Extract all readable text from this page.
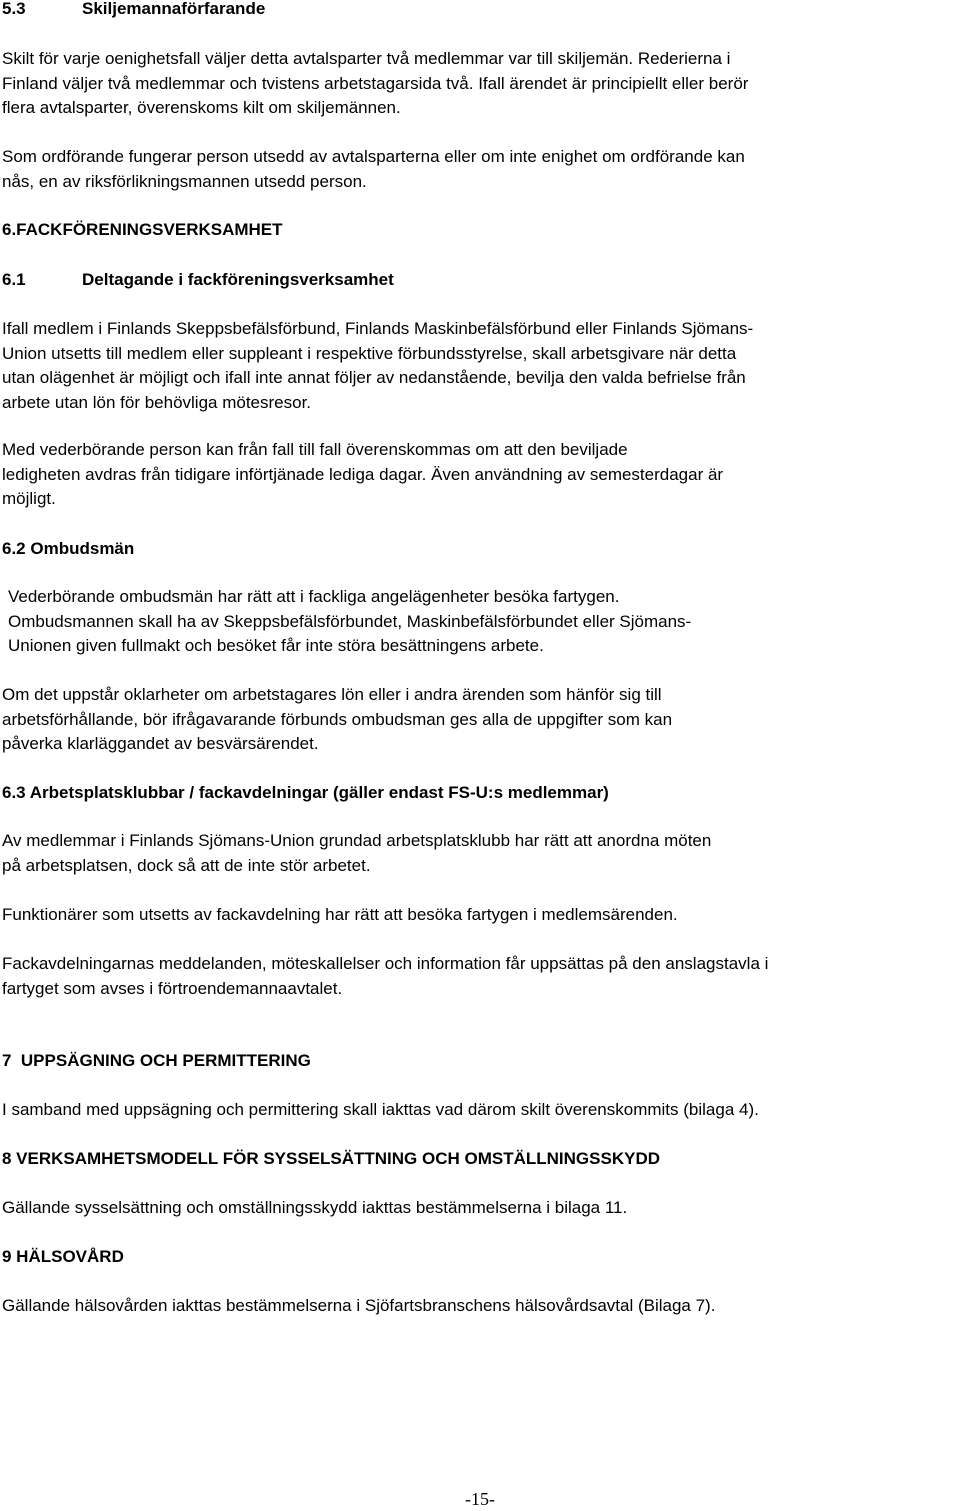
5.3	Skiljemannaförfarande

Skilt för varje oenighetsfall väljer detta avtalsparter två medlemmar var till skiljemän. Rederierna i

Finland väljer två medlemmar och tvistens arbetstagarsida två. Ifall ärendet är principiellt eller berör

flera avtalsparter, överenskoms kilt om skiljemännen.

Som ordförande fungerar person utsedd av avtalsparterna eller om inte enighet om ordförande kan

nås, en av riksförlikningsmannen utsedd person.

6.FACKFÖRENINGSVERKSAMHET

6.1	Deltagande i fackföreningsverksamhet

Ifall medlem i Finlands Skeppsbefälsförbund, Finlands Maskinbefälsförbund eller Finlands Sjömans-

Union utsetts till medlem eller suppleant i respektive förbundsstyrelse, skall arbetsgivare när detta

utan olägenhet är möjligt och ifall inte annat följer av nedanstående, bevilja den valda befrielse från

arbete utan lön för behövliga mötesresor.

Med vederbörande person kan från fall till fall överenskommas om att den beviljade

ledigheten avdras från tidigare införtjänade lediga dagar. Även användning av semesterdagar är

möjligt.

6.2 Ombudsmän

Vederbörande ombudsmän har rätt att i fackliga angelägenheter besöka fartygen.

Ombudsmannen skall ha av Skeppsbefälsförbundet, Maskinbefälsförbundet eller Sjömans-

Unionen given fullmakt och besöket får inte störa besättningens arbete.

Om det uppstår oklarheter om arbetstagares lön eller i andra ärenden som hänför sig till

arbetsförhållande, bör ifrågavarande förbunds ombudsman ges alla de uppgifter som kan

påverka klarläggandet av besvärsärendet.

6.3 Arbetsplatsklubbar / fackavdelningar (gäller endast FS-U:s medlemmar)

Av medlemmar i Finlands Sjömans-Union grundad arbetsplatsklubb har rätt att anordna möten

på arbetsplatsen, dock så att de inte stör arbetet.

Funktionärer som utsetts av fackavdelning har rätt att besöka fartygen i medlemsärenden.

Fackavdelningarnas meddelanden, möteskallelser och information får uppsättas på den anslagstavla i

fartyget som avses i förtroendemannaavtalet.

7  UPPSÄGNING OCH PERMITTERING

I samband med uppsägning och permittering skall iakttas vad därom skilt överenskommits (bilaga 4).

8 VERKSAMHETSMODELL FÖR SYSSELSÄTTNING OCH OMSTÄLLNINGSSKYDD

Gällande sysselsättning och omställningsskydd iakttas bestämmelserna i bilaga 11.

9 HÄLSOVÅRD

Gällande hälsovården iakttas bestämmelserna i Sjöfartsbranschens hälsovårdsavtal (Bilaga 7).

-15-
